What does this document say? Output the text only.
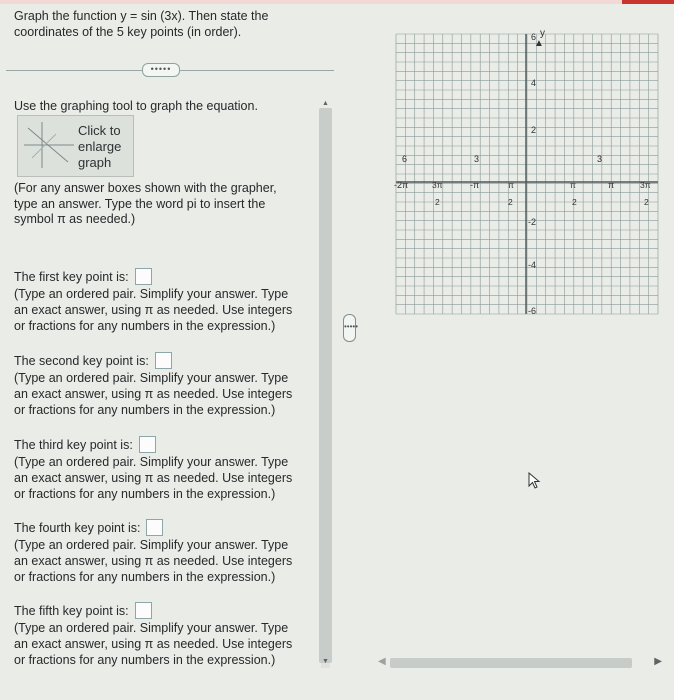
Graph the function y = sin (3x). Then state the
coordinates of the 5 key points (in order).
•••••
Use the graphing tool to graph the equation.
Click to
enlarge
graph
(For any answer boxes shown with the grapher,
type an answer. Type the word pi to insert the
symbol π as needed.)
The first key point is:
(Type an ordered pair. Simplify your answer. Type
an exact answer, using π as needed. Use integers
or fractions for any numbers in the expression.)
The second key point is:
(Type an ordered pair. Simplify your answer. Type
an exact answer, using π as needed. Use integers
or fractions for any numbers in the expression.)
The third key point is:
(Type an ordered pair. Simplify your answer. Type
an exact answer, using π as needed. Use integers
or fractions for any numbers in the expression.)
The fourth key point is:
(Type an ordered pair. Simplify your answer. Type
an exact answer, using π as needed. Use integers
or fractions for any numbers in the expression.)
The fifth key point is:
(Type an ordered pair. Simplify your answer. Type
an exact answer, using π as needed. Use integers
or fractions for any numbers in the expression.)
▲
▼
•••••
y
▲
6
4
2
-2
-4
-6
6	3	3
-2π	3π
2
-π	π
2
π
2
π	3π
2
◀	▶
